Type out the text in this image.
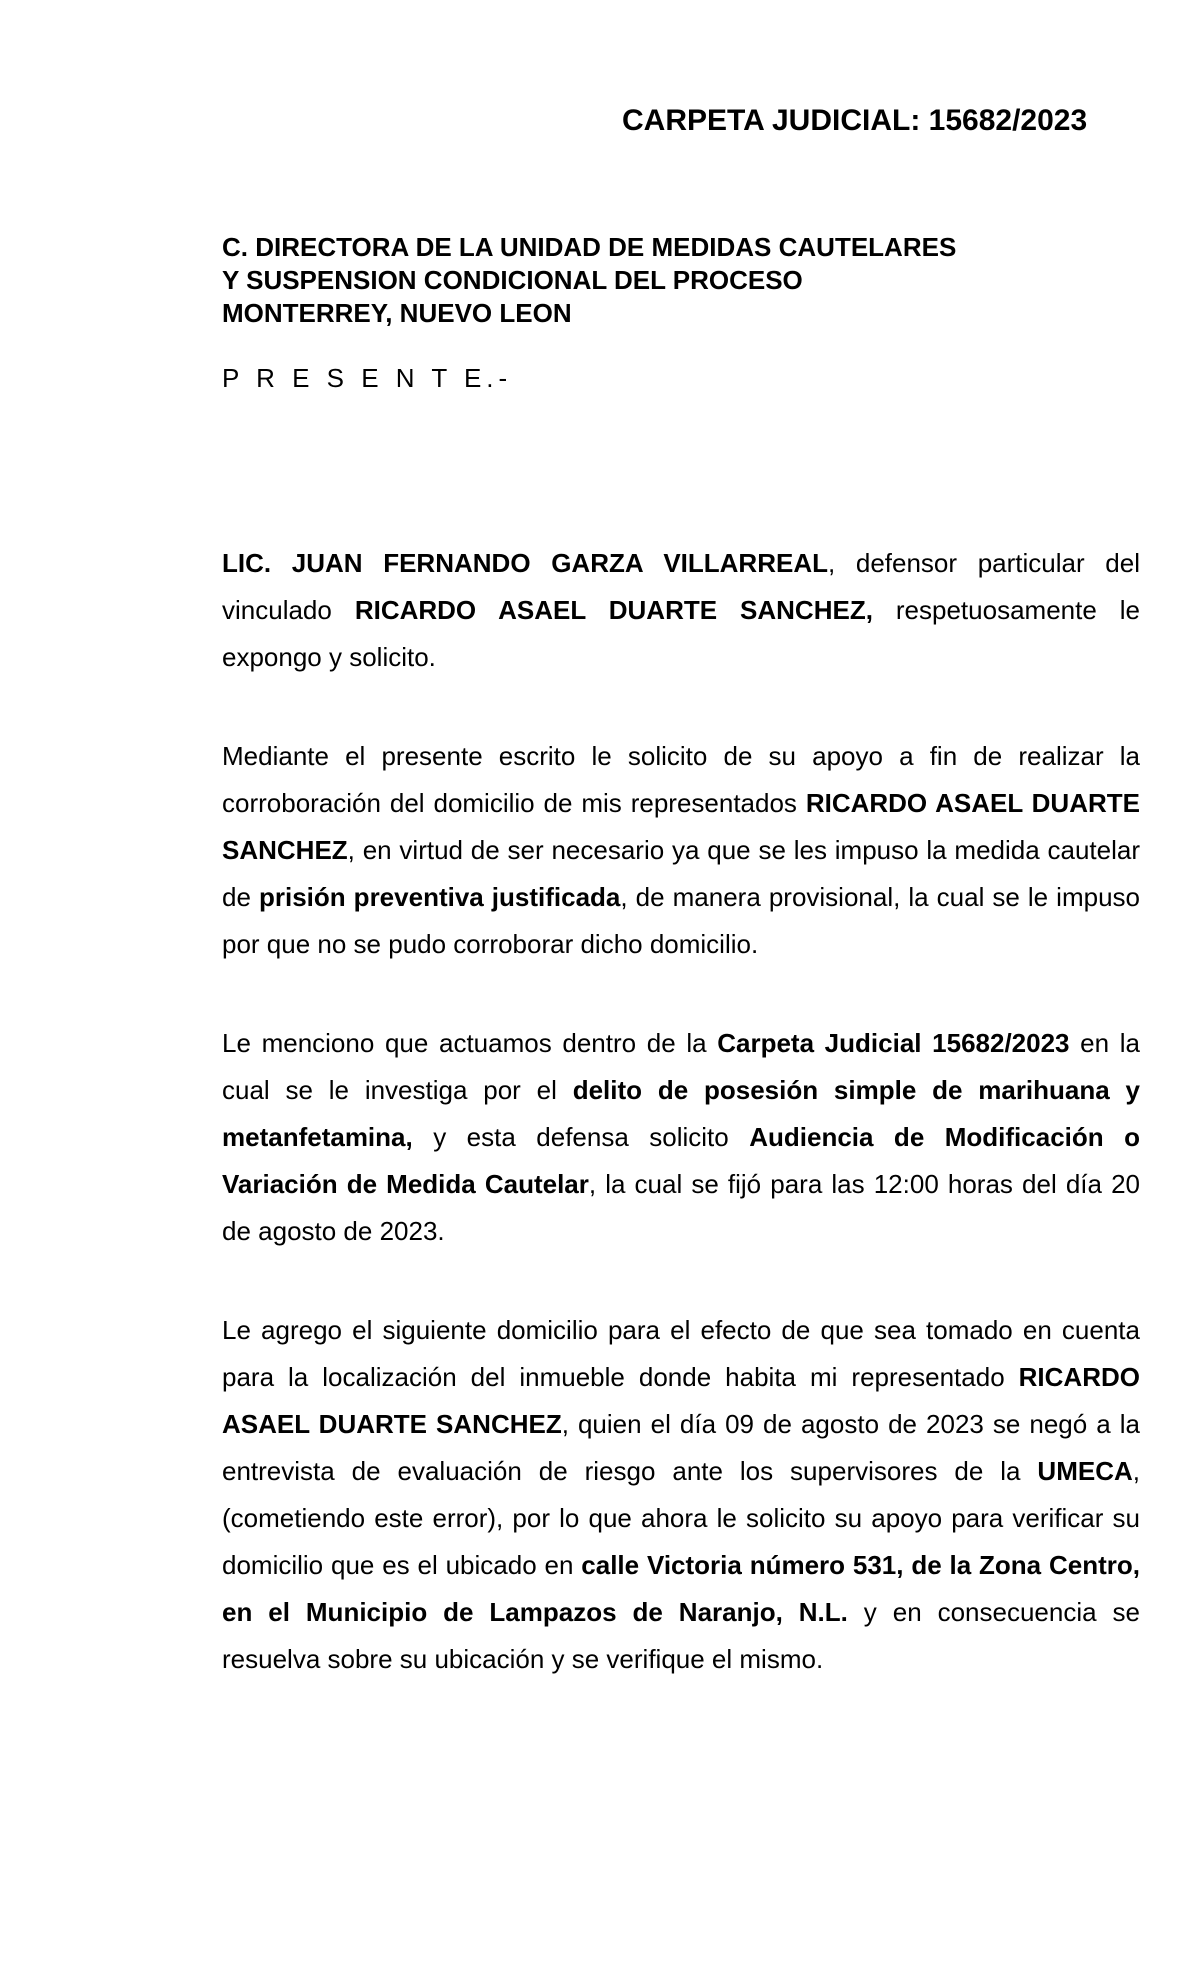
CARPETA JUDICIAL: 15682/2023
C. DIRECTORA DE LA UNIDAD DE MEDIDAS CAUTELARES
Y SUSPENSION CONDICIONAL DEL PROCESO
MONTERREY, NUEVO LEON
P R E S E N T E.-

LIC. JUAN FERNANDO GARZA VILLARREAL, defensor particular del vinculado RICARDO ASAEL DUARTE SANCHEZ, respetuosamente le expongo y solicito.

Mediante el presente escrito le solicito de su apoyo a fin de realizar la corroboración del domicilio de mis representados RICARDO ASAEL DUARTE SANCHEZ, en virtud de ser necesario ya que se les impuso la medida cautelar de prisión preventiva justificada, de manera provisional, la cual se le impuso por que no se pudo corroborar dicho domicilio.

Le menciono que actuamos dentro de la Carpeta Judicial 15682/2023 en la cual se le investiga por el delito de posesión simple de marihuana y metanfetamina, y esta defensa solicito Audiencia de Modificación o Variación de Medida Cautelar, la cual se fijó para las 12:00 horas del día 20 de agosto de 2023.

Le agrego el siguiente domicilio para el efecto de que sea tomado en cuenta para la localización del inmueble donde habita mi representado RICARDO ASAEL DUARTE SANCHEZ, quien el día 09 de agosto de 2023 se negó a la entrevista de evaluación de riesgo ante los supervisores de la UMECA, (cometiendo este error), por lo que ahora le solicito su apoyo para verificar su domicilio que es el ubicado en calle Victoria número 531, de la Zona Centro, en el Municipio de Lampazos de Naranjo, N.L. y en consecuencia se resuelva sobre su ubicación y se verifique el mismo.
